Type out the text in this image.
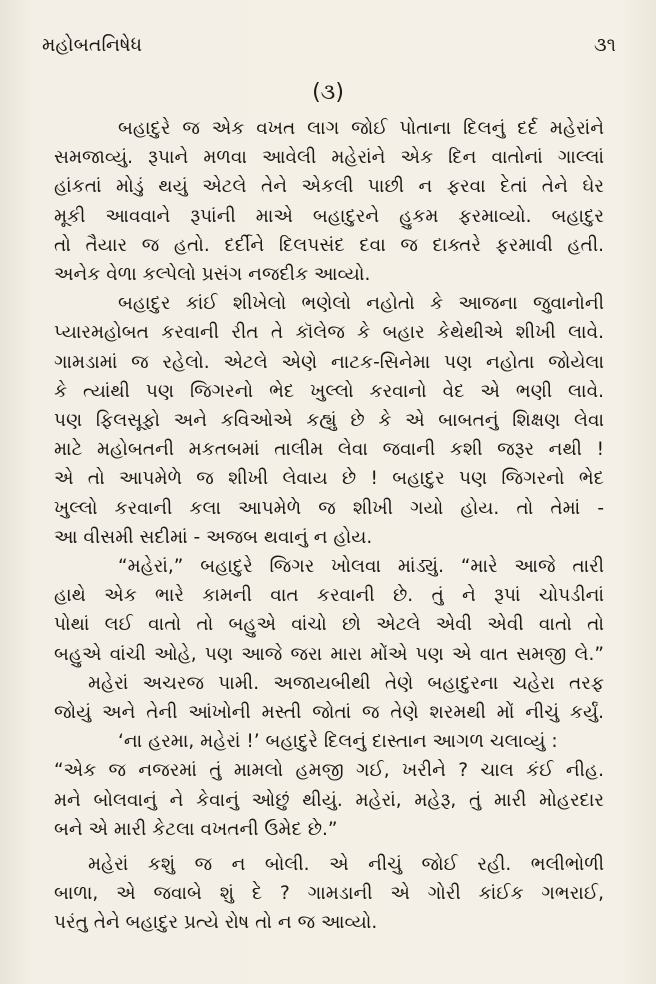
મહોબતનિષેધ	૩૧
(૩)
બહાદુરે જ એક વખત લાગ જોઈ પોતાના દિલનું દર્દ મહેરાંને
સમજાવ્યું. રૂપાને મળવા આવેલી મહેરાંને એક દિન વાતોનાં ગાલ્લાં
હાંકતાં મોડું થયું એટલે તેને એકલી પાછી ન ફરવા દેતાં તેને ઘેર
મૂકી આવવાને રૂપાંની માએ બહાદુરને હુકમ ફરમાવ્યો. બહાદુર
તો તૈયાર જ હતો. દર્દીને દિલપસંદ દવા જ દાક્તરે ફરમાવી હતી.
અનેક વેળા કલ્પેલો પ્રસંગ નજદીક આવ્યો.
બહાદુર કાંઈ શીખેલો ભણેલો નહોતો કે આજના જુવાનોની
પ્યારમહોબત કરવાની રીત તે કૉલેજ કે બહાર કેથેથીએ શીખી લાવે.
ગામડામાં જ રહેલો. એટલે એણે નાટક-સિનેમા પણ નહોતા જોયેલા
કે ત્યાંથી પણ જિગરનો ભેદ ખુલ્લો કરવાનો વેદ એ ભણી લાવે.
પણ ફિલસૂફો અને કવિઓએ કહ્યું છે કે એ બાબતનું શિક્ષણ લેવા
માટે મહોબતની મકતબમાં તાલીમ લેવા જવાની કશી જરૂર નથી !
એ તો આપમેળે જ શીખી લેવાય છે ! બહાદુર પણ જિગરનો ભેદ
ખુલ્લો કરવાની કલા આપમેળે જ શીખી ગયો હોય. તો તેમાં -
આ વીસમી સદીમાં - અજબ થવાનું ન હોય.
“મહેરાં,” બહાદુરે જિગર ખોલવા માંડ્યું. “મારે આજે તારી
હાથે એક ભારે કામની વાત કરવાની છે. તું ને રૂપાં ચોપડીનાં
પોથાં લઈ વાતો તો બહુએ વાંચો છો એટલે એવી એવી વાતો તો
બહુએ વાંચી ઓહે, પણ આજે જરા મારા મોંએ પણ એ વાત સમજી લે.”
મહેરાં અચરજ પામી. અજાયબીથી તેણે બહાદુરના ચહેરા તરફ
જોયું અને તેની આંખોની મસ્તી જોતાં જ તેણે શરમથી મોં નીચું કર્યું.
‘ના હરમા, મહેરાં !’ બહાદુરે દિલનું દાસ્તાન આગળ ચલાવ્યું :
“એક જ નજરમાં તું મામલો હમજી ગઈ, ખરીને ? ચાલ કંઈ નીહ.
મને બોલવાનું ને કેવાનું ઓછું થીયું. મહેરાં, મહેરૂ, તું મારી મોહરદાર
બને એ મારી કેટલા વખતની ઉમેદ છે.”
મહેરાં કશું જ ન બોલી. એ નીચું જોઈ રહી. ભલીભોળી
બાળા, એ જવાબે શું દે ? ગામડાની એ ગોરી કાંઈક ગભરાઈ,
પરંતુ તેને બહાદુર પ્રત્યે રોષ તો ન જ આવ્યો.
